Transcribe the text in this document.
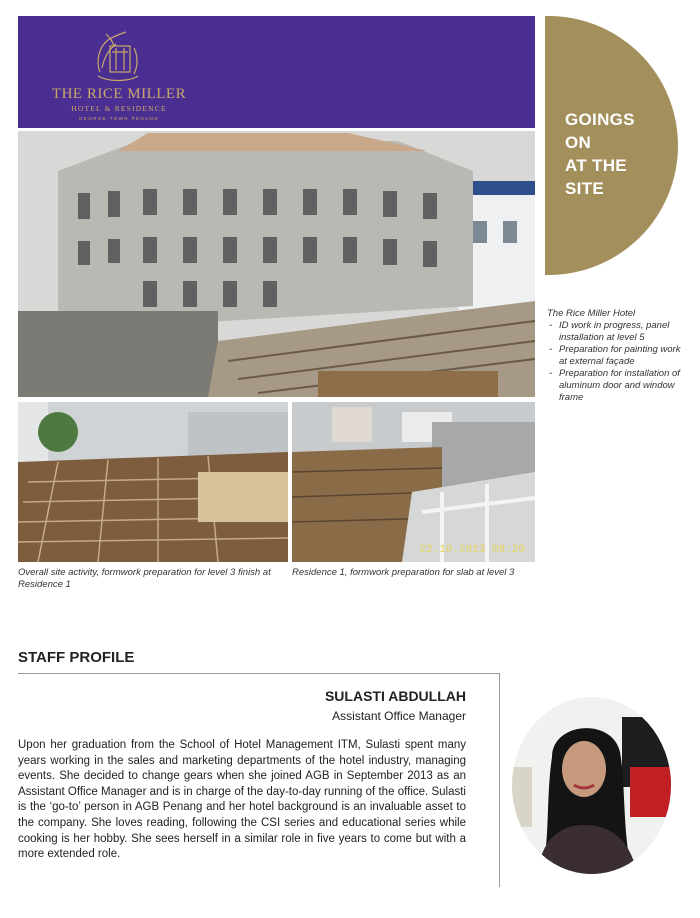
THE RICE MILLER
HOTEL & RESIDENCE
GEORGE TOWN PENANG	GOINGS
ON
AT THE
SITE
22.10.2013 08:20
The Rice Miller Hotel
- ID work in progress, panel installation at level 5
- Preparation for painting work at external façade
- Preparation for installation of aluminum door and window frame
Overall site activity, formwork preparation for level 3 finish at Residence 1
Residence 1, formwork preparation for slab at level 3
STAFF PROFILE
SULASTI ABDULLAH
Assistant Office Manager
Upon her graduation from the School of Hotel Management ITM, Sulasti spent many years working in the sales and marketing departments of the hotel industry, managing events. She decided to change gears when she joined AGB in September 2013 as an Assistant Office Manager and is in charge of the day-to-day running of the office. Sulasti is the ‘go-to’ person in AGB Penang and her hotel background is an invaluable asset to the company. She loves reading, following the CSI series and educational series while cooking is her hobby. She sees herself in a similar role in five years to come but with a more extended role.
